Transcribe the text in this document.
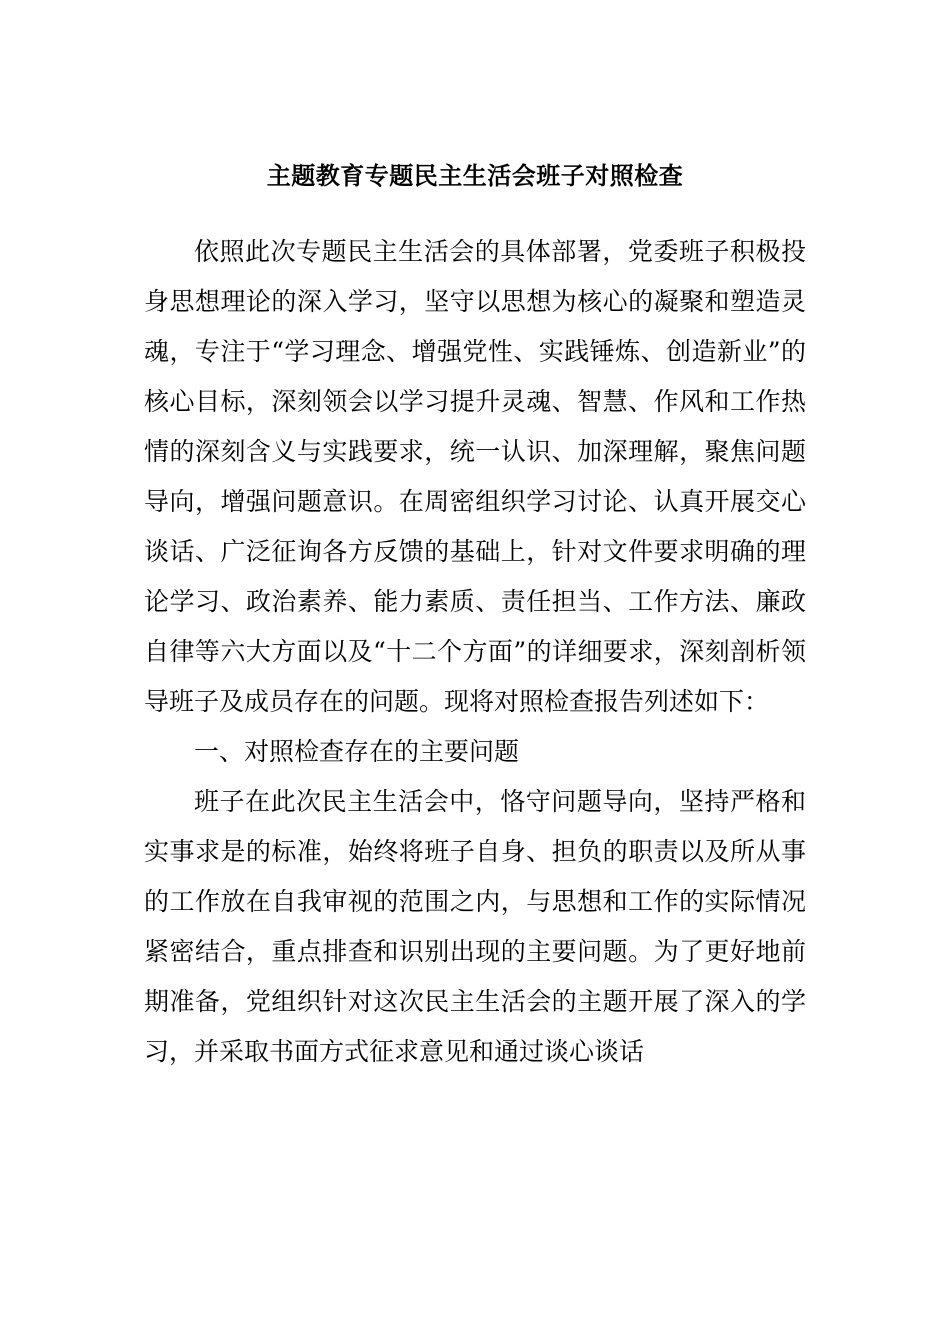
主题教育专题民主生活会班子对照检查

依照此次专题民主生活会的具体部署，党委班子积极投身思想理论的深入学习，坚守以思想为核心的凝聚和塑造灵魂，专注于“学习理念、增强党性、实践锤炼、创造新业”的核心目标，深刻领会以学习提升灵魂、智慧、作风和工作热情的深刻含义与实践要求，统一认识、加深理解，聚焦问题导向，增强问题意识。在周密组织学习讨论、认真开展交心谈话、广泛征询各方反馈的基础上，针对文件要求明确的理论学习、政治素养、能力素质、责任担当、工作方法、廉政自律等六大方面以及“十二个方面”的详细要求，深刻剖析领导班子及成员存在的问题。现将对照检查报告列述如下：

一、对照检查存在的主要问题

班子在此次民主生活会中，恪守问题导向，坚持严格和实事求是的标准，始终将班子自身、担负的职责以及所从事的工作放在自我审视的范围之内，与思想和工作的实际情况紧密结合，重点排查和识别出现的主要问题。为了更好地前期准备，党组织针对这次民主生活会的主题开展了深入的学习，并采取书面方式征求意见和通过谈心谈话
